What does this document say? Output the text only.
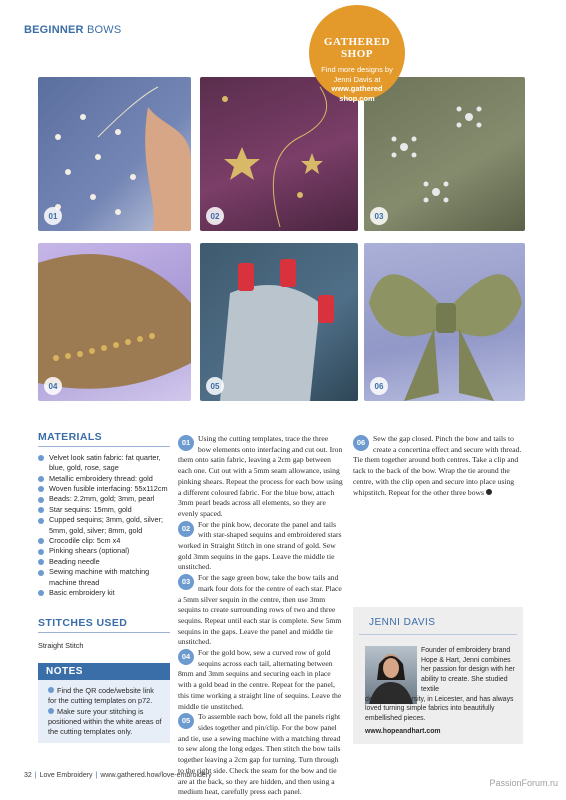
BEGINNER BOWS
01	02	03
04	05	06
GATHERED
SHOP
Find more designs by Jenni Davis at www.gathered shop.com
MATERIALS
Velvet look satin fabric: fat quarter, blue, gold, rose, sage
Metallic embroidery thread: gold
Woven fusible interfacing: 55x112cm
Beads: 2.2mm, gold; 3mm, pearl
Star sequins: 15mm, gold
Cupped sequins; 3mm, gold, silver; 5mm, gold, silver; 8mm, gold
Crocodile clip: 5cm x4
Pinking shears (optional)
Beading needle
Sewing machine with matching machine thread
Basic embroidery kit
STITCHES USED
Straight Stitch
NOTES

Find the QR code/website link for the cutting templates on p72.

Make sure your stitching is positioned within the white areas of the cutting templates only.

01	Using the cutting templates, trace the three bow elements onto interfacing and cut out. Iron them onto satin fabric, leaving a 2cm gap between each one. Cut out with a 5mm seam allowance, using pinking shears. Repeat the process for each bow using a different coloured fabric. For the blue bow, attach 3mm pearl beads across all elements, so they are evenly spaced.
02	For the pink bow, decorate the panel and tails with star-shaped sequins and embroidered stars worked in Straight Stitch in one strand of gold. Sew gold 3mm sequins in the gaps. Leave the middle tie unstitched.
03	For the sage green bow, take the bow tails and mark four dots for the centre of each star. Place a 5mm silver sequin in the centre, then use 3mm sequins to create surrounding rows of two and three sequins. Repeat until each star is complete. Sew 5mm sequins in the gaps. Leave the panel and middle tie unstitched.
04	For the gold bow, sew a curved row of gold sequins across each tail, alternating between 8mm and 3mm sequins and securing each in place with a gold bead in the centre. Repeat for the panel, this time working a straight line of sequins. Leave the middle tie unstitched.
05	To assemble each bow, fold all the panels right sides together and pin/clip. For the bow panel and tie, use a sewing machine with a matching thread to sew along the long edges. Then stitch the bow tails together leaving a 2cm gap for turning. Turn through to the right side. Check the seam for the bow and tie are at the back, so they are hidden, and then using a medium heat, carefully press each panel.
06	Sew the gap closed. Pinch the bow and tails to create a concertina effect and secure with thread. Tie them together around both centres. Take a clip and tack to the back of the bow. Wrap the tie around the centre, with the clip open and secure into place using whipstitch. Repeat for the other three bows
JENNI DAVIS
Founder of embroidery brand Hope & Hart, Jenni combines her passion for design with her ability to create. She studied textile
design at university, in Leicester, and has always loved turning simple fabrics into beautifully embellished pieces.
www.hopeandhart.com
32 | Love Embroidery | www.gathered.how/love-embroidery
PassionForum.ru
